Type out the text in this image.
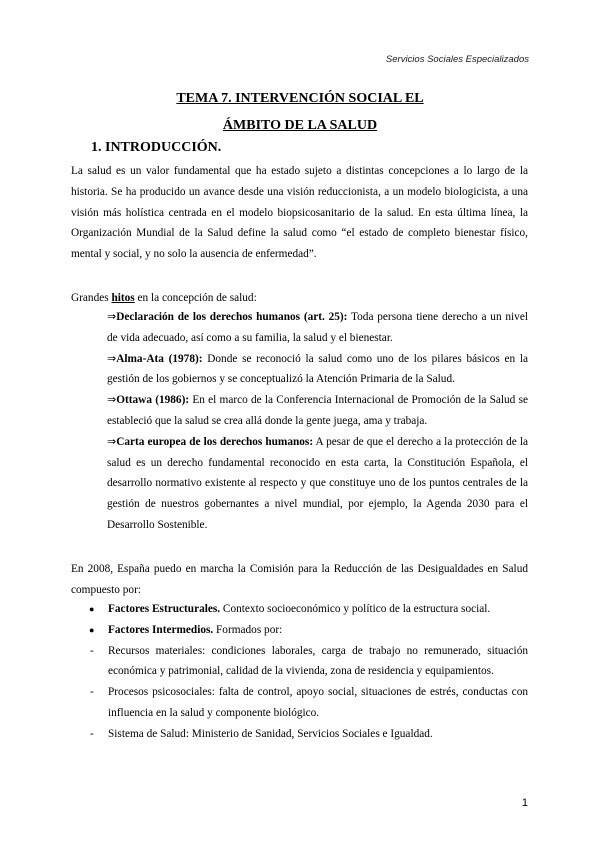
Servicios Sociales Especializados
TEMA 7. INTERVENCIÓN SOCIAL EL
ÁMBITO DE LA SALUD
1. INTRODUCCIÓN.
La salud es un valor fundamental que ha estado sujeto a distintas concepciones a lo largo de la historia. Se ha producido un avance desde una visión reduccionista, a un modelo biologicista, a una visión más holística centrada en el modelo biopsicosanitario de la salud. En esta última línea, la Organización Mundial de la Salud define la salud como “el estado de completo bienestar físico, mental y social, y no solo la ausencia de enfermedad”.
Grandes hitos en la concepción de salud:

⇒Declaración de los derechos humanos (art. 25): Toda persona tiene derecho a un nivel de vida adecuado, así como a su familia, la salud y el bienestar.

⇒Alma-Ata (1978): Donde se reconoció la salud como uno de los pilares básicos en la gestión de los gobiernos y se conceptualizó la Atención Primaria de la Salud.

⇒Ottawa (1986): En el marco de la Conferencia Internacional de Promoción de la Salud se estableció que la salud se crea allá donde la gente juega, ama y trabaja.

⇒Carta europea de los derechos humanos: A pesar de que el derecho a la protección de la salud es un derecho fundamental reconocido en esta carta, la Constitución Española, el desarrollo normativo existente al respecto y que constituye uno de los puntos centrales de la gestión de nuestros gobernantes a nivel mundial, por ejemplo, la Agenda 2030 para el Desarrollo Sostenible.

En 2008, España puedo en marcha la Comisión para la Reducción de las Desigualdades en Salud compuesto por:
● Factores Estructurales. Contexto socioeconómico y político de la estructura social.
● Factores Intermedios. Formados por:
- Recursos materiales: condiciones laborales, carga de trabajo no remunerado, situación económica y patrimonial, calidad de la vivienda, zona de residencia y equipamientos.
- Procesos psicosociales: falta de control, apoyo social, situaciones de estrés, conductas con influencia en la salud y componente biológico.
- Sistema de Salud: Ministerio de Sanidad, Servicios Sociales e Igualdad.
1
